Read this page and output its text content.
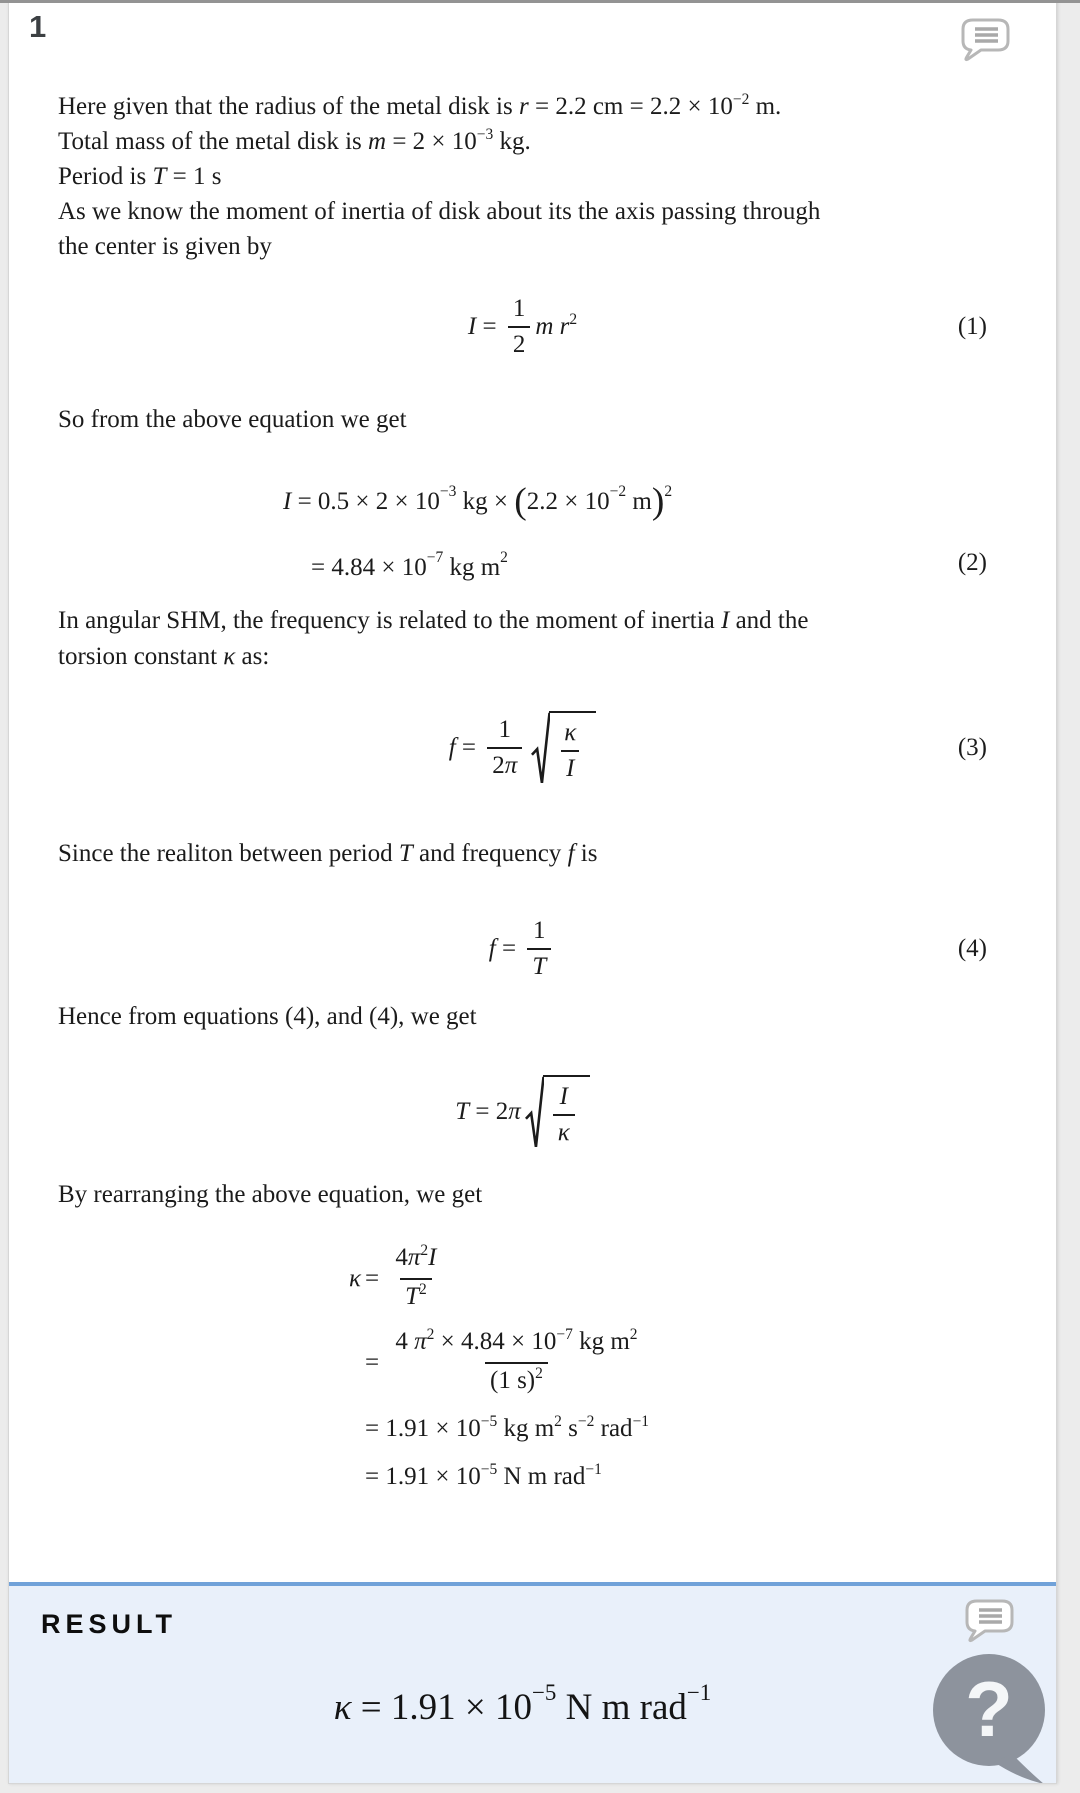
1
Here given that the radius of the metal disk is r = 2.2 cm = $2.2 \times 10^{-2}$ m.
Total mass of the metal disk is $m = 2 \times 10^{-3}$ kg.
Period is T = 1 s
As we know the moment of inertia of disk about its the axis passing through
the center is given by
$I = \frac{1}{2}$ m $r^2$	(1)
So from the above equation we get
I = 0.5 × 2 × 10 −3 kg × ( 2.2 × 10 −2 m ) 2
= 4.84 × 10 −7 kg m 2	(2)
In angular SHM, the frequency is related to the moment of inertia I and the
torsion constant κ as:
$f = \frac{1}{2\pi} \frac{\kappa}{I}$	(3)
Since the realiton between period T and frequency f is
$f = \frac{1}{T}$	(4)
Hence from equations (4), and (4), we get
$T = 2\pi \frac{I}{\kappa}$
By rearranging the above equation, we get
$\kappa = \frac{4\pi^2I}{T^2}$
= $\frac{4 \pi^2 \times 4.84 \times 10^{-7} kg m^2}{(1 s)^2}$
= $1.91 \times 10^{-5}$ kg $m^2$ $s^{-2}$ rad$^{-1}$
= $1.91 \times 10^{-5}$ N m rad$^{-1}$
RESULT
κ = 1.91 × 10 −5 N m rad −1	?
